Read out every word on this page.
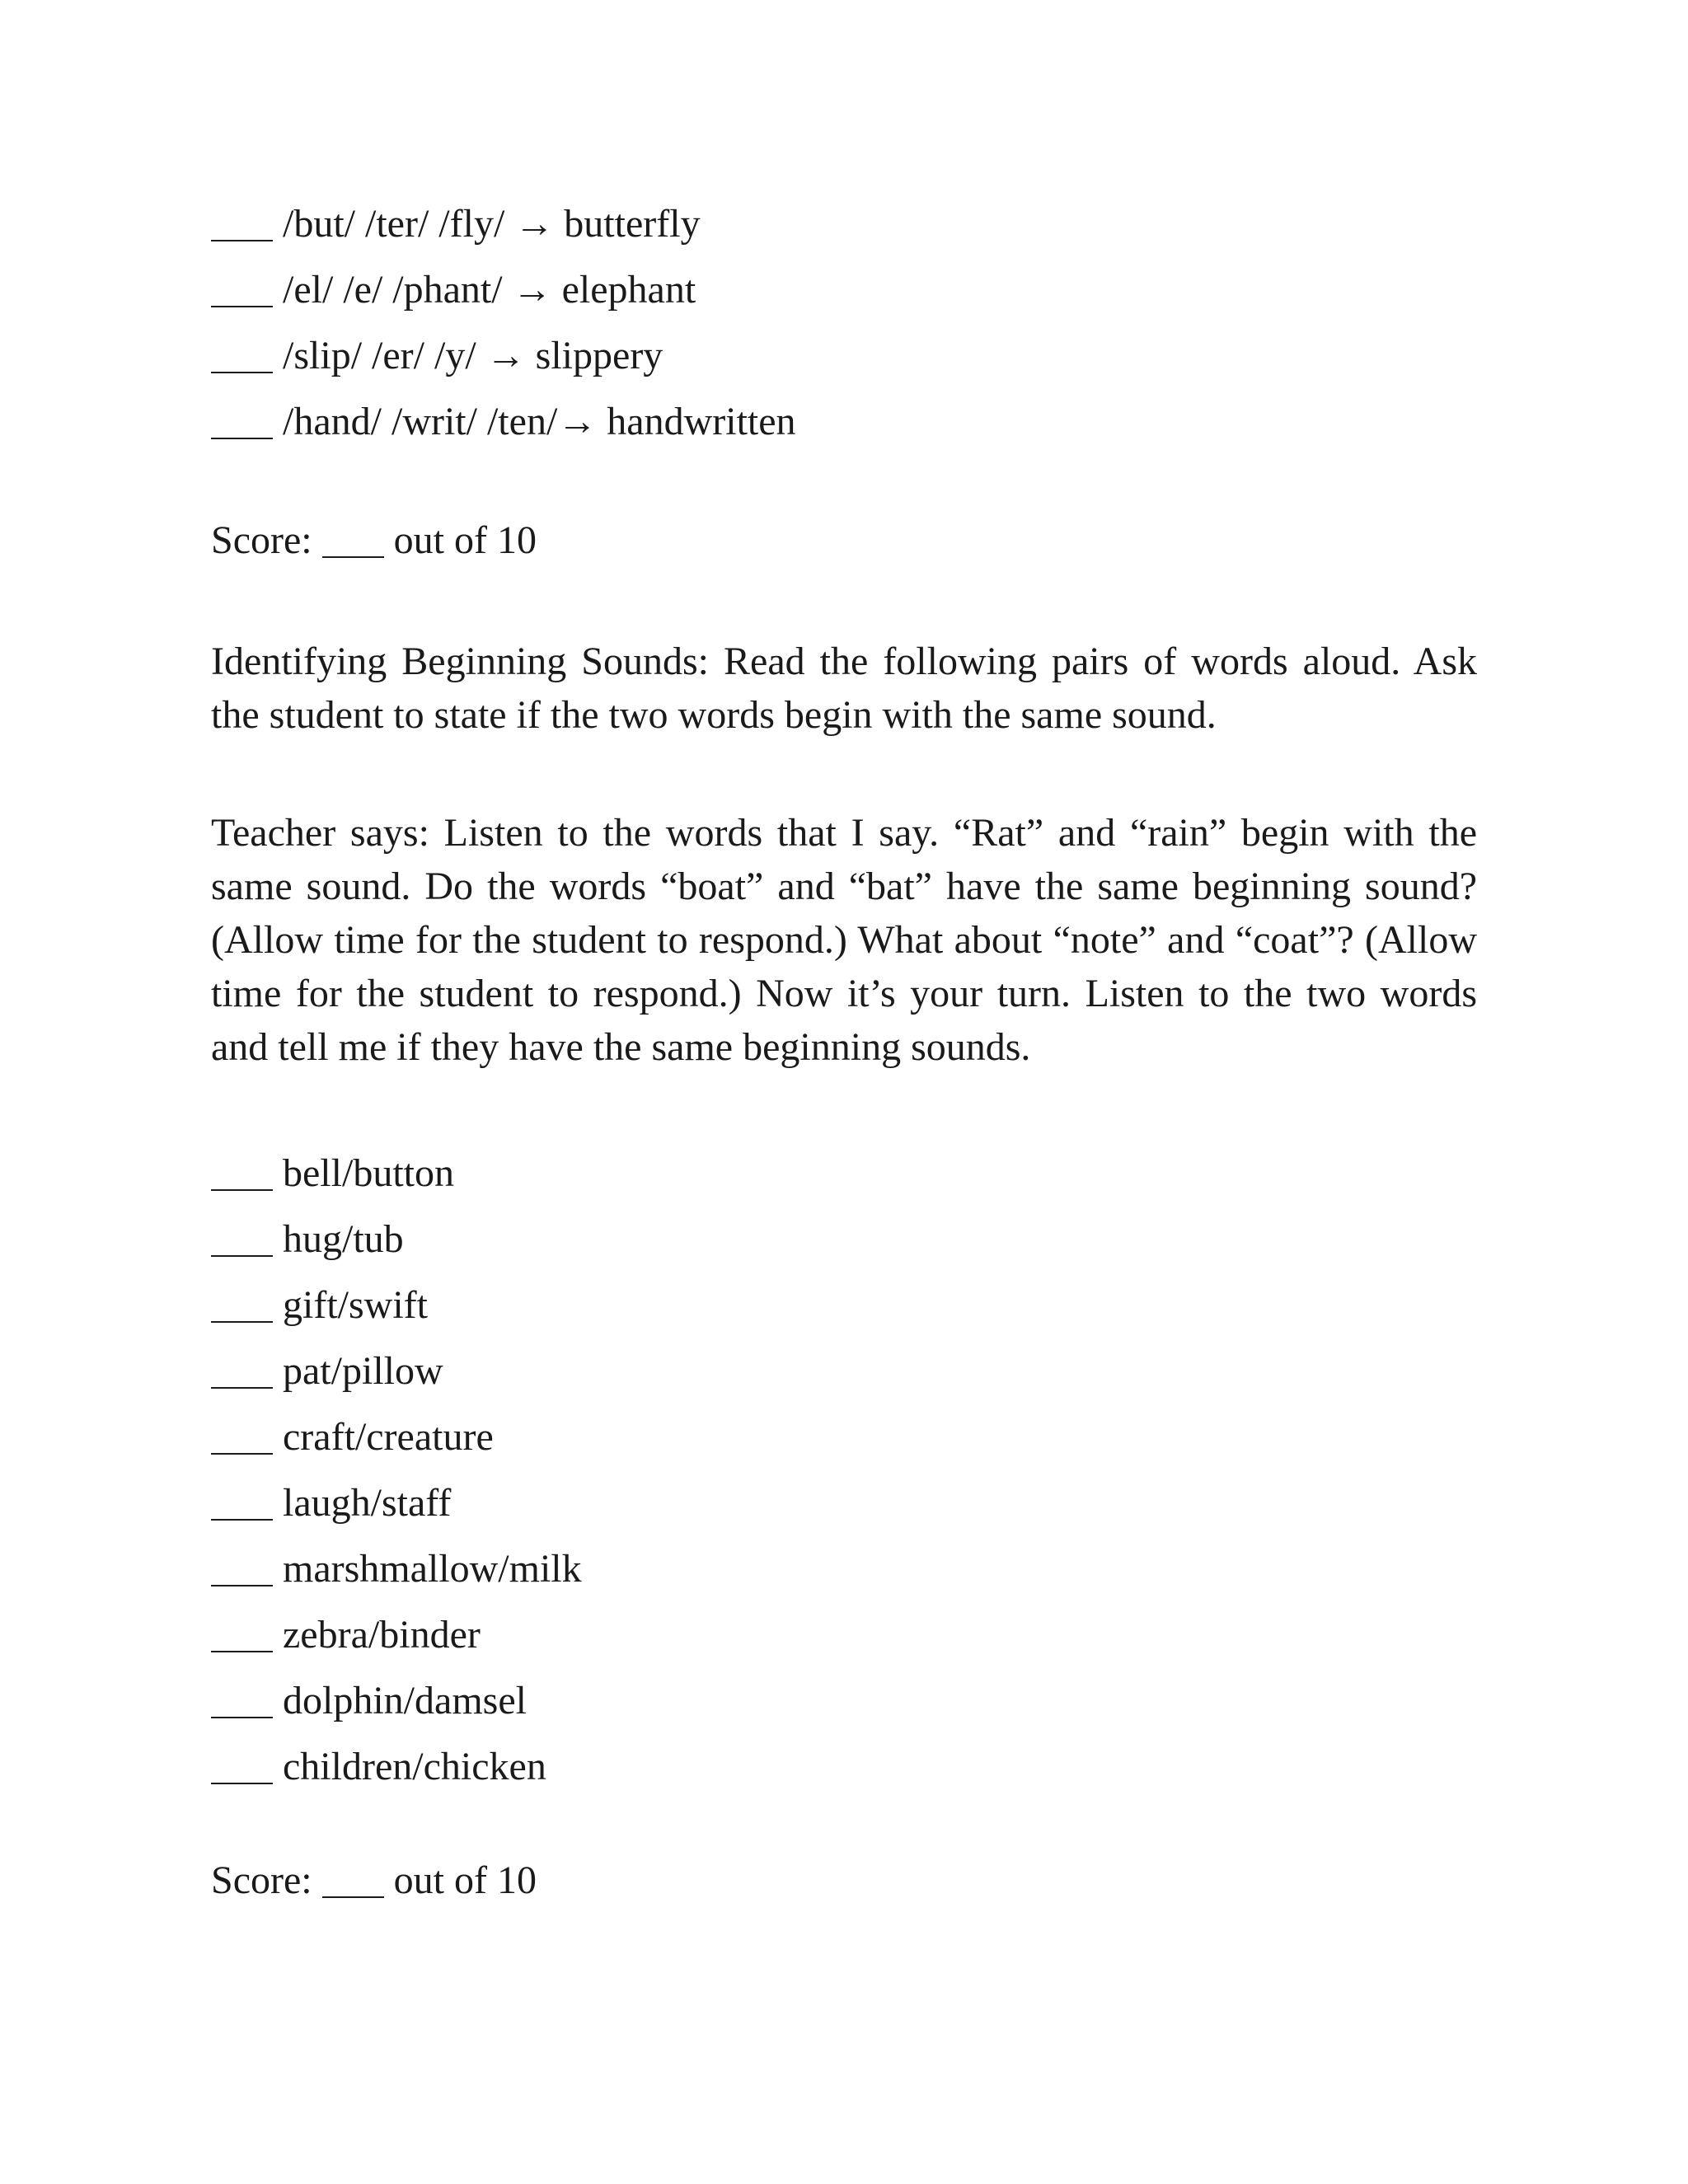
/but/ /ter/ /fly/ → butterfly
/el/ /e/ /phant/ → elephant
/slip/ /er/ /y/ → slippery
/hand/ /writ/ /ten/→ handwritten
Score: out of 10

Identifying Beginning Sounds: Read the following pairs of words aloud. Ask the student to state if the two words begin with the same sound.

Teacher says: Listen to the words that I say. “Rat” and “rain” begin with the same sound. Do the words “boat” and “bat” have the same beginning sound? (Allow time for the student to respond.) What about “note” and “coat”? (Allow time for the student to respond.) Now it’s your turn. Listen to the two words and tell me if they have the same beginning sounds.

bell/button
hug/tub
gift/swift
pat/pillow
craft/creature
laugh/staff
marshmallow/milk
zebra/binder
dolphin/damsel
children/chicken
Score: out of 10
